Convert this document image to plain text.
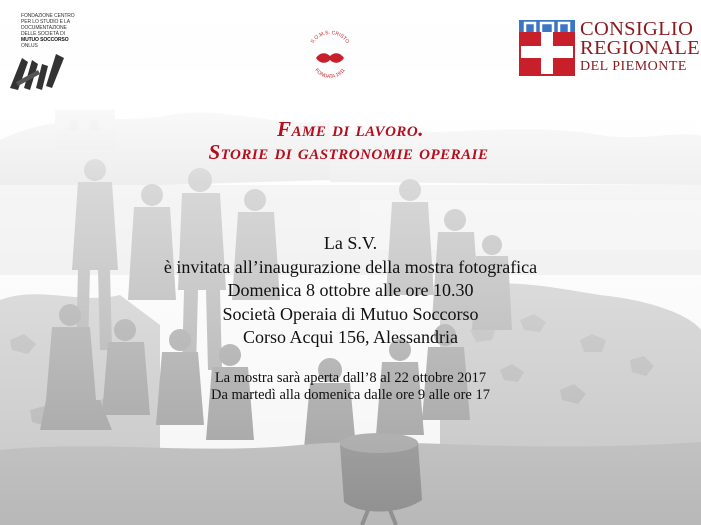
FONDAZIONE CENTRO
PER LO STUDIO E LA
DOCUMENTAZIONE
DELLE SOCIETÀ DI
MUTUO SOCCORSO
ONLUS
S.O.M.S. CRISTO
FONDATA 1911
CONSIGLIO
REGIONALE
DEL PIEMONTE
Fame di lavoro.
Storie di gastronomie operaie
La S.V.
è invitata all’inaugurazione della mostra fotografica
Domenica 8 ottobre alle ore 10.30
Società Operaia di Mutuo Soccorso
Corso Acqui 156, Alessandria
La mostra sarà aperta dall’8 al 22 ottobre 2017
Da martedì alla domenica dalle ore 9 alle ore 17
